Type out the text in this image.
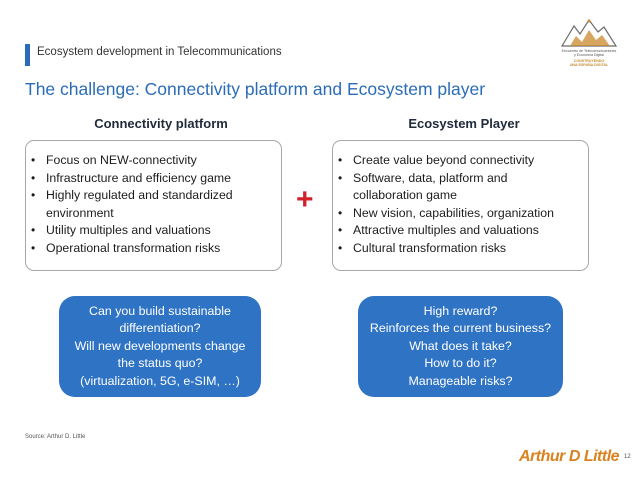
Ecosystem development in Telecommunications	Encuentro de Telecomunicaciones
y Economía Digital
CONSTRUYENDO
UNA ESPAÑA DIGITAL
The challenge: Connectivity platform and Ecosystem player
Connectivity platform	Ecosystem Player
• Focus on NEW-connectivity
• Infrastructure and efficiency game
• Highly regulated and standardized
environment
• Utility multiples and valuations
• Operational transformation risks
+
• Create value beyond connectivity
• Software, data, platform and
collaboration game
• New vision, capabilities, organization
• Attractive multiples and valuations
• Cultural transformation risks
Can you build sustainable
differentiation?
Will new developments change
the status quo?
(virtualization, 5G, e-SIM, …)
High reward?
Reinforces the current business?
What does it take?
How to do it?
Manageable risks?
Source: Arthur D. Little
Arthur D Little 12
